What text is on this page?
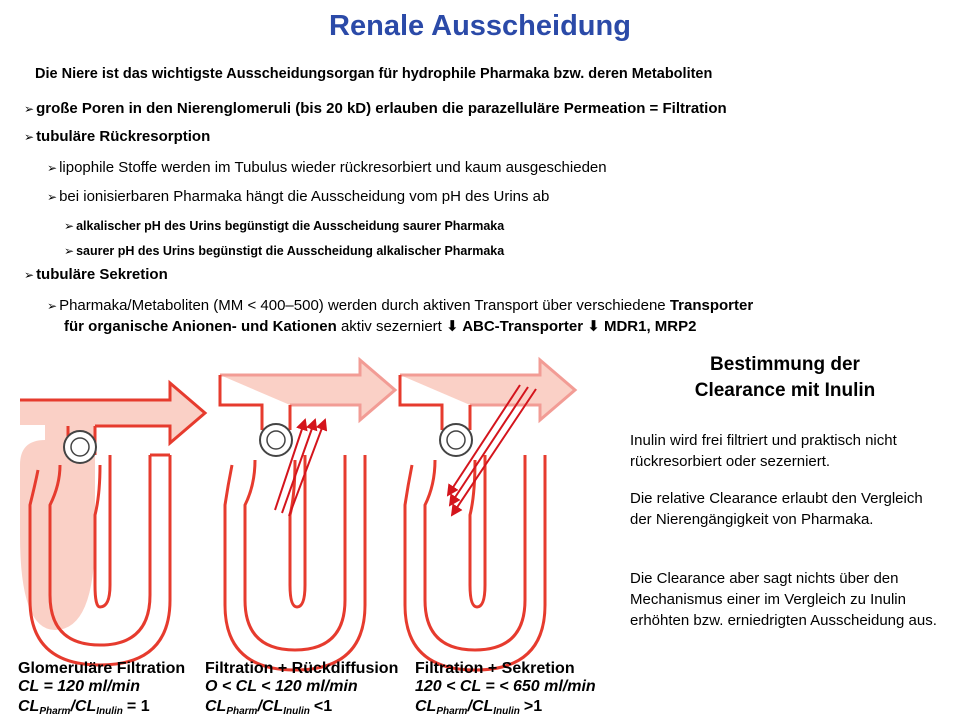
Renale Ausscheidung
Die Niere ist das wichtigste Ausscheidungsorgan für hydrophile Pharmaka bzw. deren Metaboliten
➢ große Poren in den Nierenglomeruli (bis 20 kD) erlauben die parazelluläre Permeation = Filtration
➢ tubuläre Rückresorption
➢ lipophile Stoffe werden im Tubulus wieder rückresorbiert und kaum ausgeschieden
➢ bei ionisierbaren Pharmaka hängt die Ausscheidung vom pH des Urins ab
➢ alkalischer pH des Urins begünstigt die Ausscheidung saurer Pharmaka
➢ saurer pH des Urins begünstigt die Ausscheidung alkalischer Pharmaka
➢ tubuläre Sekretion
➢ Pharmaka/Metaboliten (MM < 400–500) werden durch aktiven Transport über verschiedene Transporter
für organische Anionen- und Kationen aktiv sezerniert ⬇ ABC-Transporter ⬇ MDR1, MRP2
Glomeruläre Filtration
CL = 120 ml/min
CLPharm/CLInulin = 1
Filtration + Rückdiffusion
O < CL < 120 ml/min
CLPharm/CLInulin <1
Filtration + Sekretion
120 < CL = < 650 ml/min
CLPharm/CLInulin >1
Bestimmung der
Clearance mit Inulin
Inulin wird frei filtriert und praktisch nicht rückresorbiert oder sezerniert.
Die relative Clearance erlaubt den Vergleich der Nierengängigkeit von Pharmaka.
Die Clearance aber sagt nichts über den Mechanismus einer im Vergleich zu Inulin erhöhten bzw. erniedrigten Ausscheidung aus.
